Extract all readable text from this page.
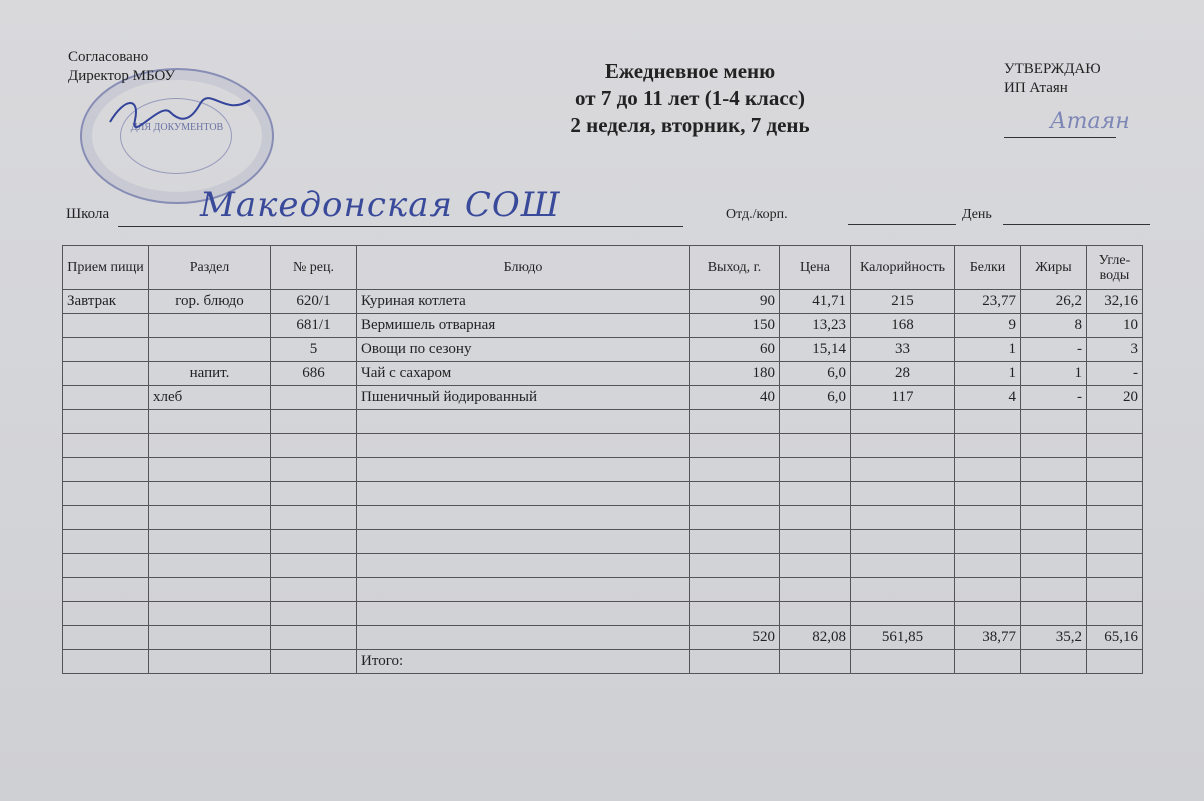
ДЛЯ ДОКУМЕНТОВ
Согласовано
Директор МБОУ	Ежедневное меню
от 7 до 11 лет (1-4 класс)
2 неделя, вторник, 7 день
УТВЕРЖДАЮ
ИП Атаян
Атаян
Школа	Македонская СОШ	Отд./корп.	День
Прием пищи	Раздел	№ рец.	Блюдо	Выход, г.	Цена	Калорийность	Белки	Жиры	Угле-воды
Завтрак	гор. блюдо	620/1	Куриная котлета	90	41,71	215	23,77	26,2	32,16
		681/1	Вермишель отварная	150	13,23	168	9	8	10
		5	Овощи по сезону	60	15,14	33	1	-	3
	напит.	686	Чай с сахаром	180	6,0	28	1	1	-
	хлеб		Пшеничный йодированный	40	6,0	117	4	-	20

				520	82,08	561,85	38,77	35,2	65,16
			Итого:						
